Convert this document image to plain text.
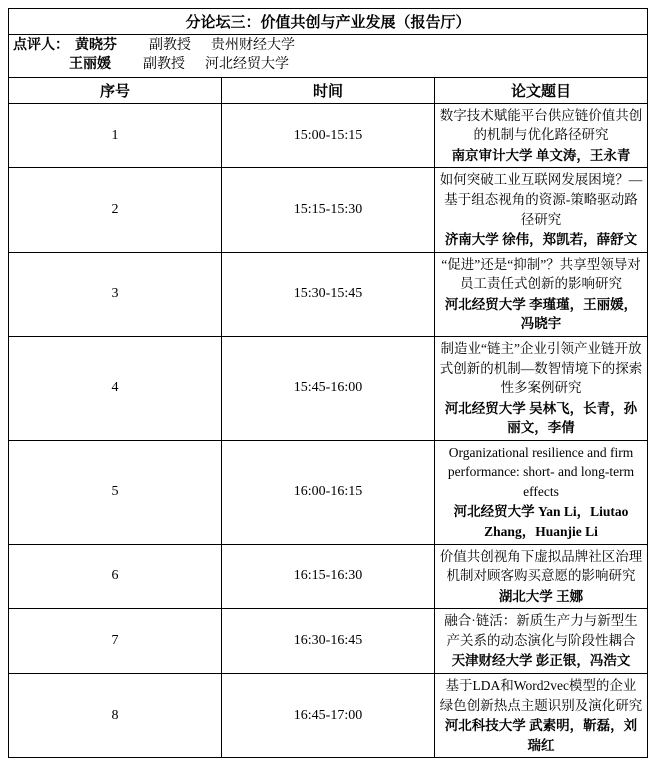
分论坛三：价值共创与产业发展（报告厅）		

点评人： 黄晓芬	副教授	贵州财经大学
王丽媛	副教授	河北经贸大学

序号	时间	论文题目
1	15:00-15:15	数字技术赋能平台供应链价值共创的机制与优化路径研究
南京审计大学 单文涛，王永青

2	15:15-15:30	如何突破工业互联网发展困境？—基于组态视角的资源-策略驱动路径研究
济南大学 徐伟，郑凯若，薛舒文

3	15:30-15:45	“促进”还是“抑制”？共享型领导对员工责任式创新的影响研究
河北经贸大学 李瑾瑾，王丽媛，冯晓宇

4	15:45-16:00	制造业“链主”企业引领产业链开放式创新的机制—数智情境下的探索性多案例研究
河北经贸大学 吴林飞，长青，孙丽文，李倩

5	16:00-16:15	Organizational resilience and firm performance: short- and long-term effects
河北经贸大学 Yan Li，Liutao Zhang，Huanjie Li

6	16:15-16:30	价值共创视角下虚拟品牌社区治理机制对顾客购买意愿的影响研究
湖北大学 王娜

7	16:30-16:45	融合·链活：新质生产力与新型生产关系的动态演化与阶段性耦合
天津财经大学 彭正银，冯浩文

8	16:45-17:00	基于LDA和Word2vec模型的企业绿色创新热点主题识别及演化研究
河北科技大学 武素明，靳磊，刘瑞红
